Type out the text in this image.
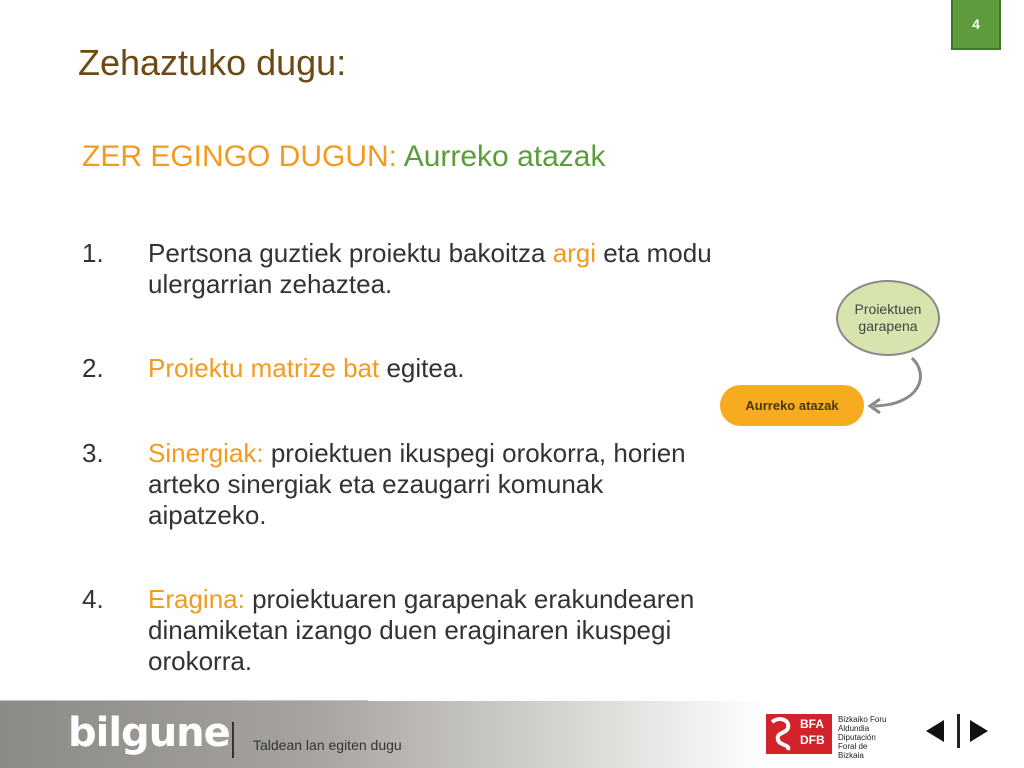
4
Zehaztuko dugu:
ZER EGINGO DUGUN: Aurreko atazak
1.	Pertsona guztiek proiektu bakoitza argi eta modu ulergarrian zehaztea.
2.	Proiektu matrize bat egitea.
3.	Sinergiak: proiektuen ikuspegi orokorra, horien arteko sinergiak eta ezaugarri komunak aipatzeko.
4.	Eragina: proiektuaren garapenak erakundearen dinamiketan izango duen eraginaren ikuspegi orokorra.
Proiektuen garapena
Aurreko atazak
bilgune Taldean lan egiten dugu
BFA DFB
Bizkaiko Foru Aldundia Diputación Foral de Bizkaia
